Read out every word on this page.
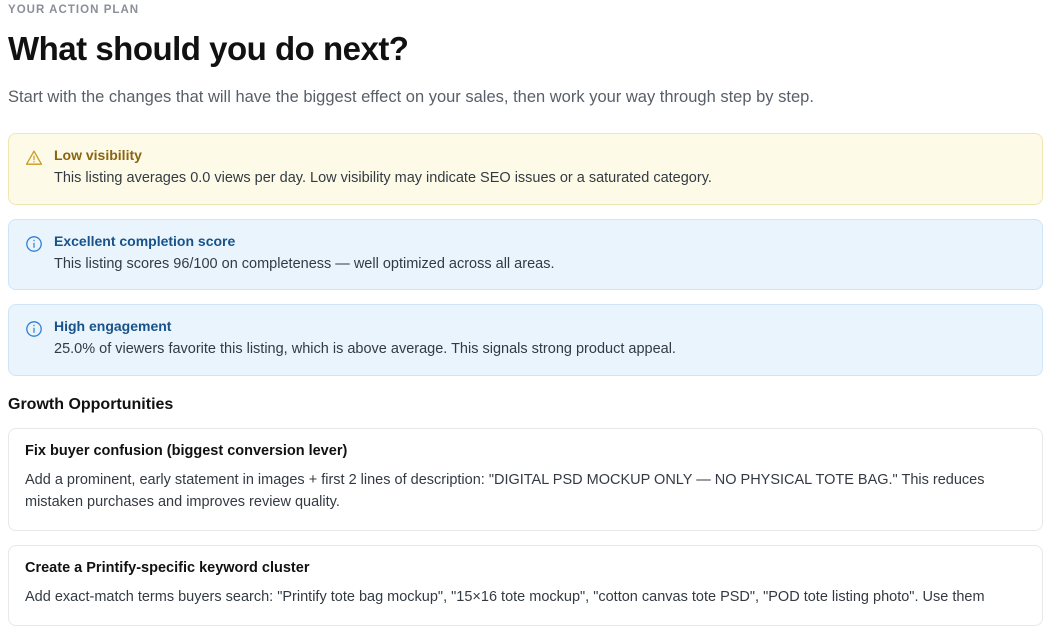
YOUR ACTION PLAN
What should you do next?

Start with the changes that will have the biggest effect on your sales, then work your way through step by step.

Low visibility
This listing averages 0.0 views per day. Low visibility may indicate SEO issues or a saturated category.
Excellent completion score
This listing scores 96/100 on completeness — well optimized across all areas.
High engagement
25.0% of viewers favorite this listing, which is above average. This signals strong product appeal.
Growth Opportunities
Fix buyer confusion (biggest conversion lever)
Add a prominent, early statement in images + first 2 lines of description: "DIGITAL PSD MOCKUP ONLY — NO PHYSICAL TOTE BAG." This reduces mistaken purchases and improves review quality.
Create a Printify-specific keyword cluster
Add exact-match terms buyers search: "Printify tote bag mockup", "15×16 tote mockup", "cotton canvas tote PSD", "POD tote listing photo". Use them
